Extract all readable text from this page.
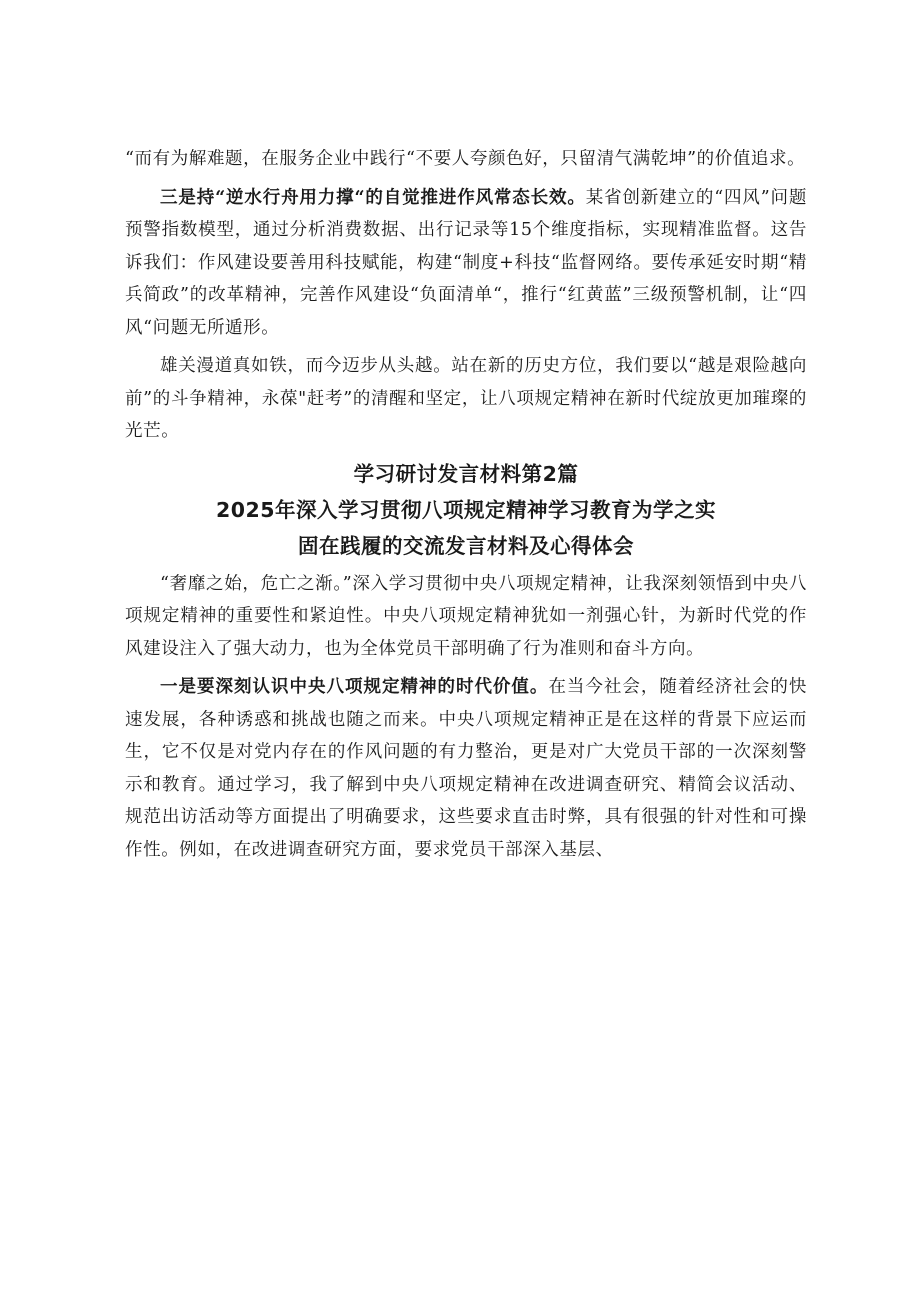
“而有为解难题，在服务企业中践行“不要人夸颜色好，只留清气满乾坤”的价值追求。

三是持“逆水行舟用力撑“的自觉推进作风常态长效。某省创新建立的“四风”问题预警指数模型，通过分析消费数据、出行记录等15个维度指标，实现精准监督。这告诉我们：作风建设要善用科技赋能，构建“制度+科技“监督网络。要传承延安时期“精兵简政”的改革精神，完善作风建设“负面清单“，推行“红黄蓝”三级预警机制，让“四风“问题无所遁形。

雄关漫道真如铁，而今迈步从头越。站在新的历史方位，我们要以“越是艰险越向前”的斗争精神，永葆"赶考”的清醒和坚定，让八项规定精神在新时代绽放更加璀璨的光芒。

学习研讨发言材料第2篇
2025年深入学习贯彻八项规定精神学习教育为学之实
固在践履的交流发言材料及心得体会

“奢靡之始，危亡之渐。”深入学习贯彻中央八项规定精神，让我深刻领悟到中央八项规定精神的重要性和紧迫性。中央八项规定精神犹如一剂强心针，为新时代党的作风建设注入了强大动力，也为全体党员干部明确了行为准则和奋斗方向。

一是要深刻认识中央八项规定精神的时代价值。在当今社会，随着经济社会的快速发展，各种诱惑和挑战也随之而来。中央八项规定精神正是在这样的背景下应运而生，它不仅是对党内存在的作风问题的有力整治，更是对广大党员干部的一次深刻警示和教育。通过学习，我了解到中央八项规定精神在改进调查研究、精简会议活动、规范出访活动等方面提出了明确要求，这些要求直击时弊，具有很强的针对性和可操作性。例如，在改进调查研究方面，要求党员干部深入基层、
